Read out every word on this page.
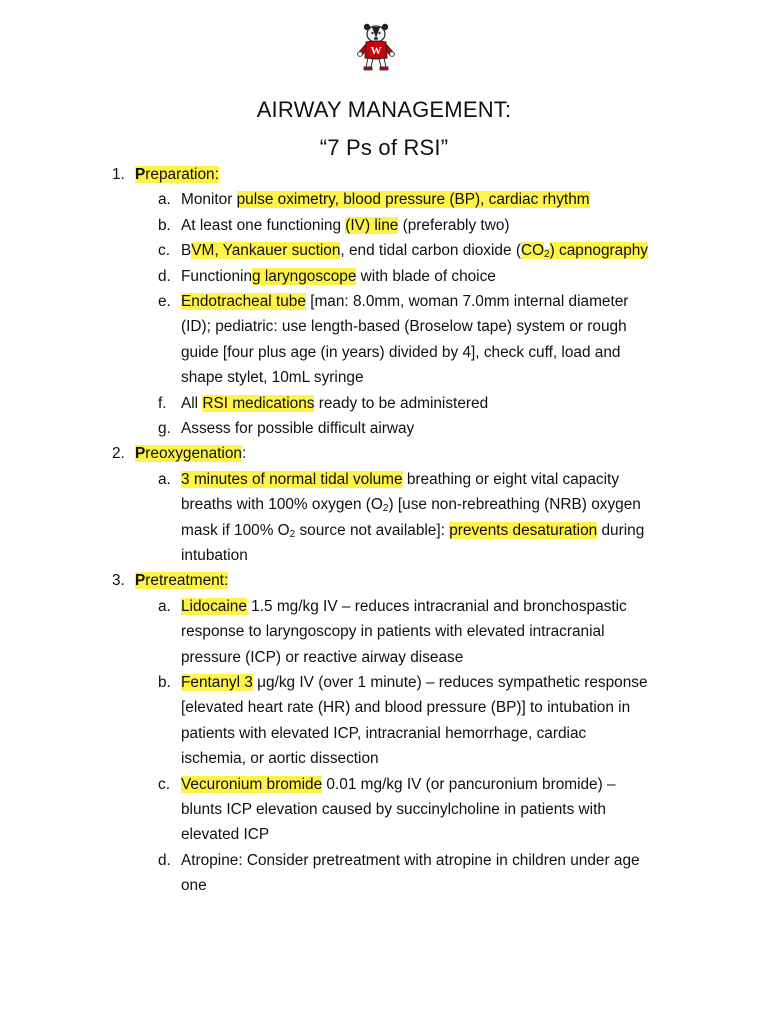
W
AIRWAY MANAGEMENT:
“7 Ps of RSI”
1. Preparation:
a. Monitor pulse oximetry, blood pressure (BP), cardiac rhythm
b. At least one functioning (IV) line (preferably two)
c. BVM, Yankauer suction, end tidal carbon dioxide $(CO_2)$ capnography
d. Functioning laryngoscope with blade of choice
e. Endotracheal tube [man: 8.0mm, woman 7.0mm internal diameter
(ID); pediatric: use length-based (Broselow tape) system or rough
guide [four plus age (in years) divided by 4], check cuff, load and
shape stylet, 10mL syringe
f. All RSI medications ready to be administered
g. Assess for possible difficult airway
2. Preoxygenation:
a. 3 minutes of normal tidal volume breathing or eight vital capacity
breaths with 100% oxygen $(O_2)$ [use non-rebreathing (NRB) oxygen
mask if 100% $O_2$ source not available]: prevents desaturation during
intubation
3. Pretreatment:
a. Lidocaine 1.5 mg/kg IV – reduces intracranial and bronchospastic
response to laryngoscopy in patients with elevated intracranial
pressure (ICP) or reactive airway disease
b. Fentanyl 3 μg/kg IV (over 1 minute) – reduces sympathetic response
[elevated heart rate (HR) and blood pressure (BP)] to intubation in
patients with elevated ICP, intracranial hemorrhage, cardiac
ischemia, or aortic dissection
c. Vecuronium bromide 0.01 mg/kg IV (or pancuronium bromide) –
blunts ICP elevation caused by succinylcholine in patients with
elevated ICP
d. Atropine: Consider pretreatment with atropine in children under age
one
